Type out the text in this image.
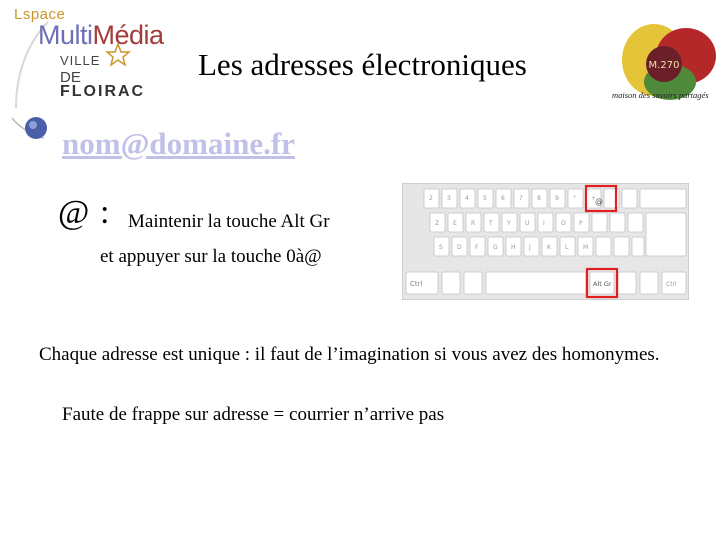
Lspace
MultiMédia
VILLE
DE
FLOIRAC
Les adresses électroniques	M.270
maison des savoirs partagés
nom@domaine.fr
@ : Maintenir la touche Alt Gr
et appuyer sur la touche 0à@
2 3 4 5 6 7 8 9 °	+
Z E R T Y U I	O P
S D F G H J	K L M
Ctrl
Ctrl	Alt Gr
@
Chaque adresse est unique : il faut de l’imagination si vous avez des homonymes.
Faute de frappe sur adresse = courrier n’arrive pas
